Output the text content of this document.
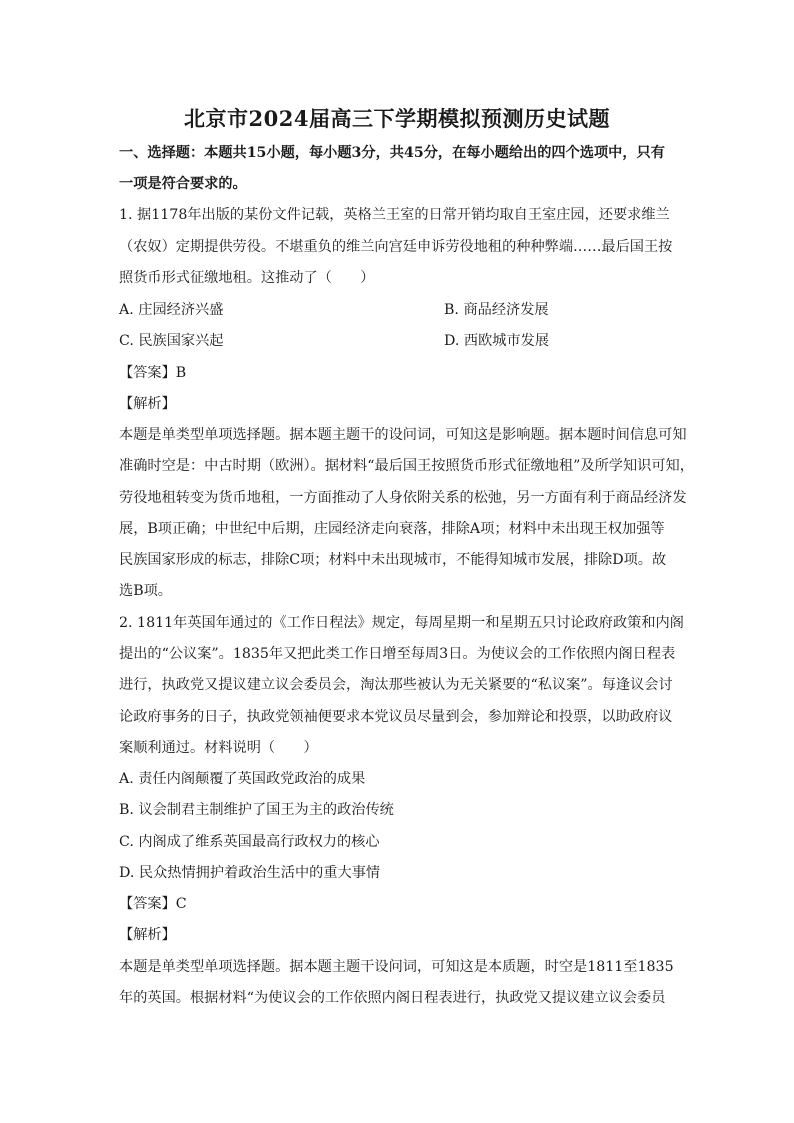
北京市2024届高三下学期模拟预测历史试题
一、选择题：本题共15小题，每小题3分，共45分，在每小题给出的四个选项中，只有
一项是符合要求的。
1. 据1178年出版的某份文件记载，英格兰王室的日常开销均取自王室庄园，还要求维兰
（农奴）定期提供劳役。不堪重负的维兰向宫廷申诉劳役地租的种种弊端……最后国王按
照货币形式征缴地租。这推动了（　　）
A. 庄园经济兴盛	B. 商品经济发展
C. 民族国家兴起	D. 西欧城市发展
【答案】B
【解析】
本题是单类型单项选择题。据本题主题干的设问词，可知这是影响题。据本题时间信息可知
准确时空是：中古时期（欧洲）。据材料“最后国王按照货币形式征缴地租”及所学知识可知，
劳役地租转变为货币地租，一方面推动了人身依附关系的松弛，另一方面有利于商品经济发
展，B项正确；中世纪中后期，庄园经济走向衰落，排除A项；材料中未出现王权加强等
民族国家形成的标志，排除C项；材料中未出现城市，不能得知城市发展，排除D项。故
选B项。
2. 1811年英国年通过的《工作日程法》规定，每周星期一和星期五只讨论政府政策和内阁
提出的“公议案”。1835年又把此类工作日增至每周3日。为使议会的工作依照内阁日程表
进行，执政党又提议建立议会委员会，淘汰那些被认为无关紧要的“私议案”。每逢议会讨
论政府事务的日子，执政党领袖便要求本党议员尽量到会，参加辩论和投票，以助政府议
案顺利通过。材料说明（　　）
A. 责任内阁颠覆了英国政党政治的成果
B. 议会制君主制维护了国王为主的政治传统
C. 内阁成了维系英国最高行政权力的核心
D. 民众热情拥护着政治生活中的重大事情
【答案】C
【解析】
本题是单类型单项选择题。据本题主题干设问词，可知这是本质题，时空是1811至1835
年的英国。根据材料“为使议会的工作依照内阁日程表进行，执政党又提议建立议会委员
